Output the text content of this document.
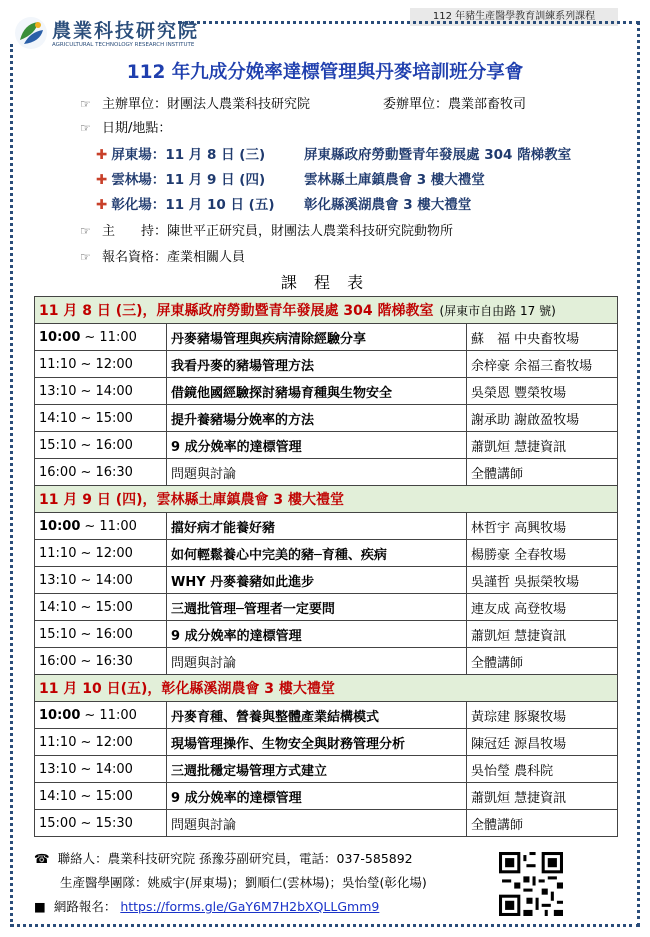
112 年豬生產醫學教育訓練系列課程
農業科技研究院
AGRICULTURAL TECHNOLOGY RESEARCH INSTITUTE
112 年九成分娩率達標管理與丹麥培訓班分享會
☞ 主辦單位：財團法人農業科技研究院	委辦單位：農業部畜牧司
☞ 日期/地點：
✚ 屏東場：11 月 8 日 (三)	屏東縣政府勞動暨青年發展處 304 階梯教室
✚ 雲林場：11 月 9 日 (四)	雲林縣土庫鎮農會 3 樓大禮堂
✚ 彰化場：11 月 10 日 (五) 彰化縣溪湖農會 3 樓大禮堂
☞ 主　　持：陳世平正研究員，財團法人農業科技研究院動物所
☞ 報名資格：產業相關人員
課 程 表
11 月 8 日 (三)，屏東縣政府勞動暨青年發展處 304 階梯教室 (屏東市自由路 17 號)		
10:00 ~ 11:00	丹麥豬場管理與疾病清除經驗分享	蘇　福 中央畜牧場
11:10 ~ 12:00	我看丹麥的豬場管理方法	余梓豪 余福三畜牧場
13:10 ~ 14:00	借鏡他國經驗探討豬場育種與生物安全	吳榮恩 豐榮牧場
14:10 ~ 15:00	提升養豬場分娩率的方法	謝承助 謝啟盈牧場
15:10 ~ 16:00	9 成分娩率的達標管理	蕭凱烜 慧捷資訊
16:00 ~ 16:30	問題與討論	全體講師
11 月 9 日 (四)，雲林縣土庫鎮農會 3 樓大禮堂		
10:00 ~ 11:00	擋好病才能養好豬	林哲宇 高興牧場
11:10 ~ 12:00	如何輕鬆養心中完美的豬─育種、疾病	楊勝豪 全春牧場
13:10 ~ 14:00	WHY 丹麥養豬如此進步	吳謹哲 吳振榮牧場
14:10 ~ 15:00	三週批管理─管理者一定要問	連友成 高登牧場
15:10 ~ 16:00	9 成分娩率的達標管理	蕭凱烜 慧捷資訊
16:00 ~ 16:30	問題與討論	全體講師
11 月 10 日(五)，彰化縣溪湖農會 3 樓大禮堂		
10:00 ~ 11:00	丹麥育種、營養與整體產業結構模式	黃琮建 豚聚牧場
11:10 ~ 12:00	現場管理操作、生物安全與財務管理分析	陳冠廷 源昌牧場
13:10 ~ 14:00	三週批穩定場管理方式建立	吳怡瑩 農科院
14:10 ~ 15:00	9 成分娩率的達標管理	蕭凱烜 慧捷資訊
15:00 ~ 15:30	問題與討論	全體講師
☎ 聯絡人：農業科技研究院 孫豫芬副研究員，電話：037-585892
生產醫學團隊：姚威宇(屏東場)；劉順仁(雲林場)；吳怡瑩(彰化場)
■ 網路報名： https://forms.gle/GaY6M7H2bXQLLGmm9
